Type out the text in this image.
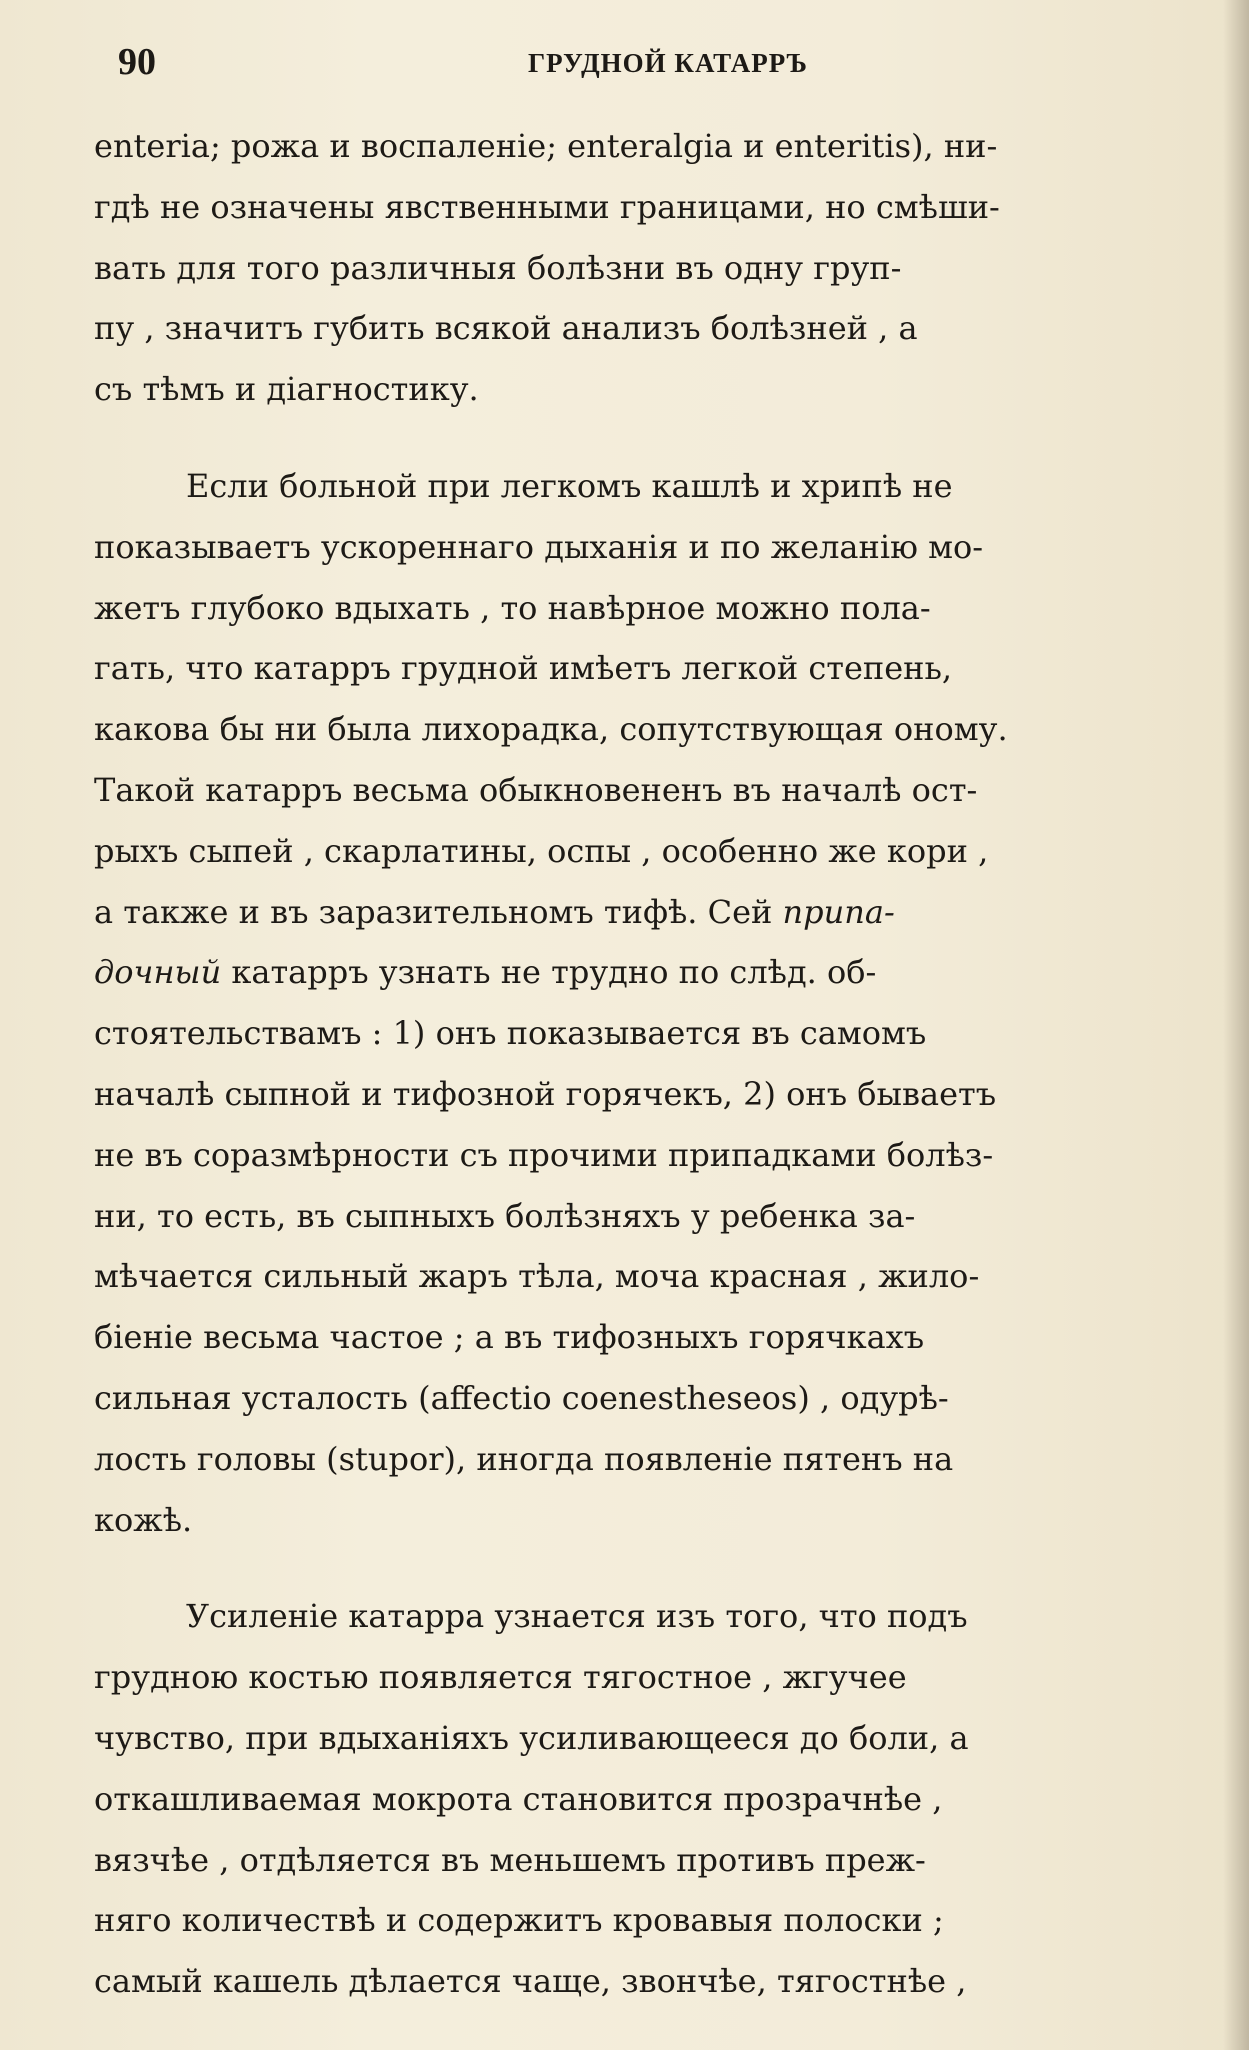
90	ГРУДНОЙ КАТАРРЪ
enteria; рожа и воспаленіе; enteralgia и enteritis), ни-
гдѣ не означены явственными границами, но смѣши-
вать для того различныя болѣзни въ одну груп-
пу , значитъ губить всякой анализъ болѣзней , а
съ тѣмъ и діагностику.
Если больной при легкомъ кашлѣ и хрипѣ не
показываетъ ускореннаго дыханія и по желанію мо-
жетъ глубоко вдыхать , то навѣрное можно пола-
гать, что катарръ грудной имѣетъ легкой степень,
какова бы ни была лихорадка, сопутствующая оному.
Такой катарръ весьма обыкновененъ въ началѣ ост-
рыхъ сыпей , скарлатины, оспы , особенно же кори ,
а также и въ заразительномъ тифѣ. Сей припа-
дочный катарръ узнать не трудно по слѣд. об-
стоятельствамъ : 1) онъ показывается въ самомъ
началѣ сыпной и тифозной горячекъ, 2) онъ бываетъ
не въ соразмѣрности съ прочими припадками болѣз-
ни, то есть, въ сыпныхъ болѣзняхъ у ребенка за-
мѣчается сильный жаръ тѣла, моча красная , жило-
біеніе весьма частое ; а въ тифозныхъ горячкахъ
сильная усталость (affectio coenestheseos) , одурѣ-
лость головы (stupor), иногда появленіе пятенъ на
кожѣ.
Усиленіе катарра узнается изъ того, что подъ
грудною костью появляется тягостное , жгучее
чувство, при вдыханіяхъ усиливающееся до боли, а
откашливаемая мокрота становится прозрачнѣе ,
вязчѣе , отдѣляется въ меньшемъ противъ преж-
няго количествѣ и содержитъ кровавыя полоски ;
самый кашель дѣлается чаще, звончѣе, тягостнѣе ,
